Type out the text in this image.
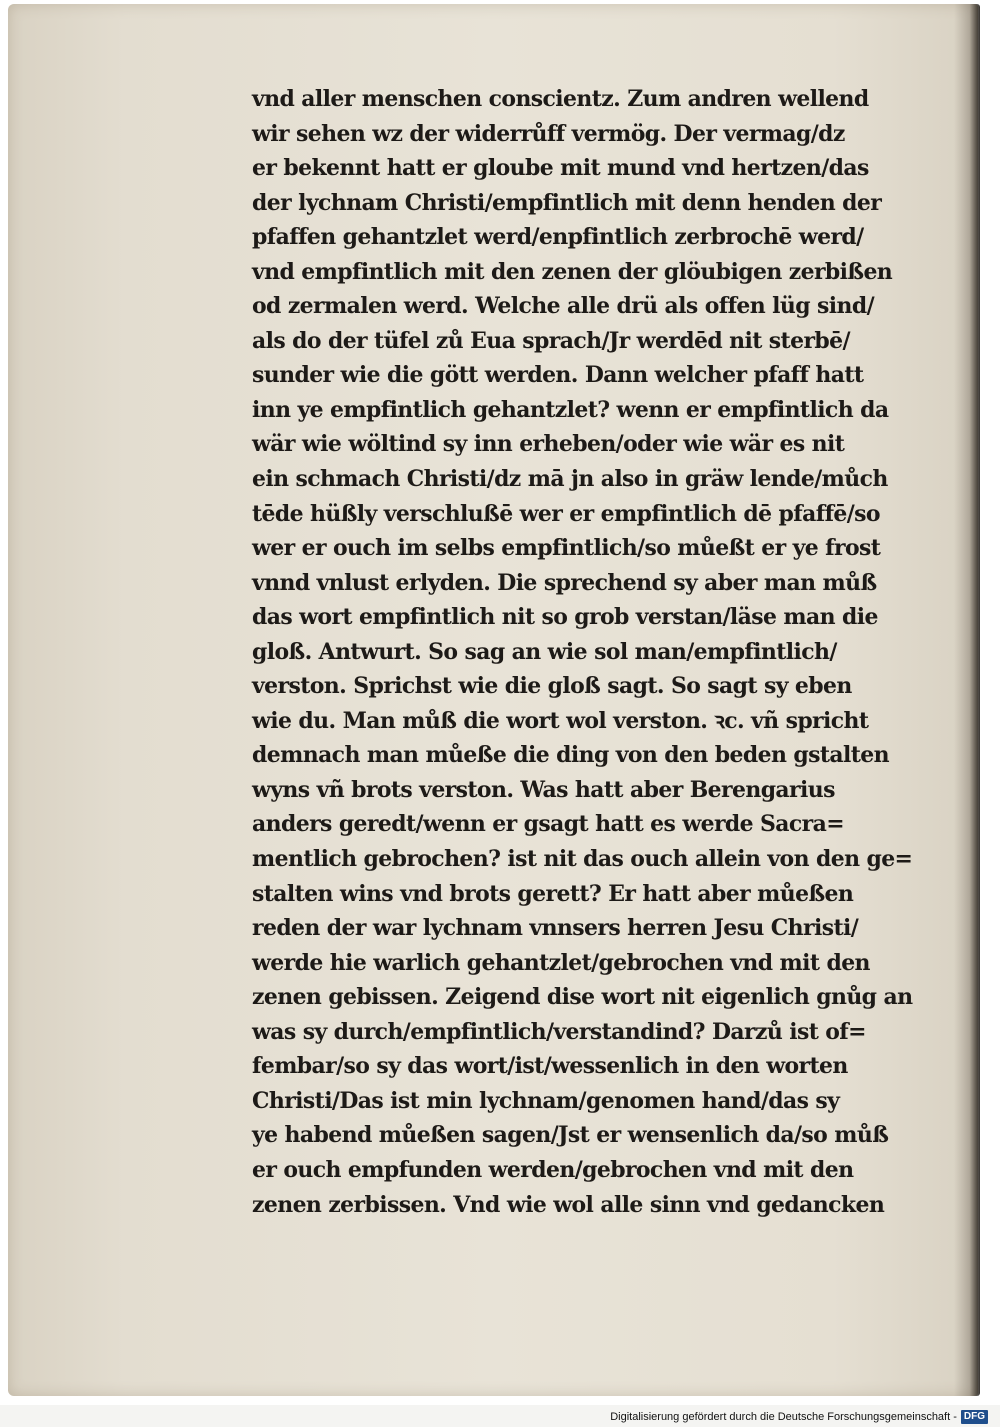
vnd aller menschen conscientz. Zum andren wellend
wir sehen wz der widerrůff vermög. Der vermag/dz
er bekennt hatt er gloube mit mund vnd hertzen/das
der lychnam Christi/empfintlich mit denn henden der
pfaffen gehantzlet werd/enpfintlich zerbrochē werd/
vnd empfintlich mit den zenen der glöubigen zerbißen
od zermalen werd. Welche alle drü als offen lüg sind/
als do der tüfel zů Eua sprach/Jr werdēd nit sterbē/
sunder wie die gött werden. Dann welcher pfaff hatt
inn ye empfintlich gehantzlet? wenn er empfintlich da
wär wie wöltind sy inn erheben/oder wie wär es nit
ein schmach Christi/dz mā jn also in gräw lende/můch
tēde hüßly verschlußē wer er empfintlich dē pfaffē/so
wer er ouch im selbs empfintlich/so můeßt er ye frost
vnnd vnlust erlyden. Die sprechend sy aber man můß
das wort empfintlich nit so grob verstan/läse man die
gloß. Antwurt. So sag an wie sol man/empfintlich/
verston. Sprichst wie die gloß sagt. So sagt sy eben
wie du. Man můß die wort wol verston. ꝛc. vñ spricht
demnach man můeße die ding von den beden gstalten
wyns vñ brots verston. Was hatt aber Berengarius
anders geredt/wenn er gsagt hatt es werde Sacra=
mentlich gebrochen? ist nit das ouch allein von den ge=
stalten wins vnd brots gerett? Er hatt aber můeßen
reden der war lychnam vnnsers herren Jesu Christi/
werde hie warlich gehantzlet/gebrochen vnd mit den
zenen gebissen. Zeigend dise wort nit eigenlich gnůg an
was sy durch/empfintlich/verstandind? Darzů ist of=
fembar/so sy das wort/ist/wessenlich in den worten
Christi/Das ist min lychnam/genomen hand/das sy
ye habend můeßen sagen/Jst er wensenlich da/so můß
er ouch empfunden werden/gebrochen vnd mit den
zenen zerbissen. Vnd wie wol alle sinn vnd gedancken
Digitalisierung gefördert durch die Deutsche Forschungsgemeinschaft - DFG
